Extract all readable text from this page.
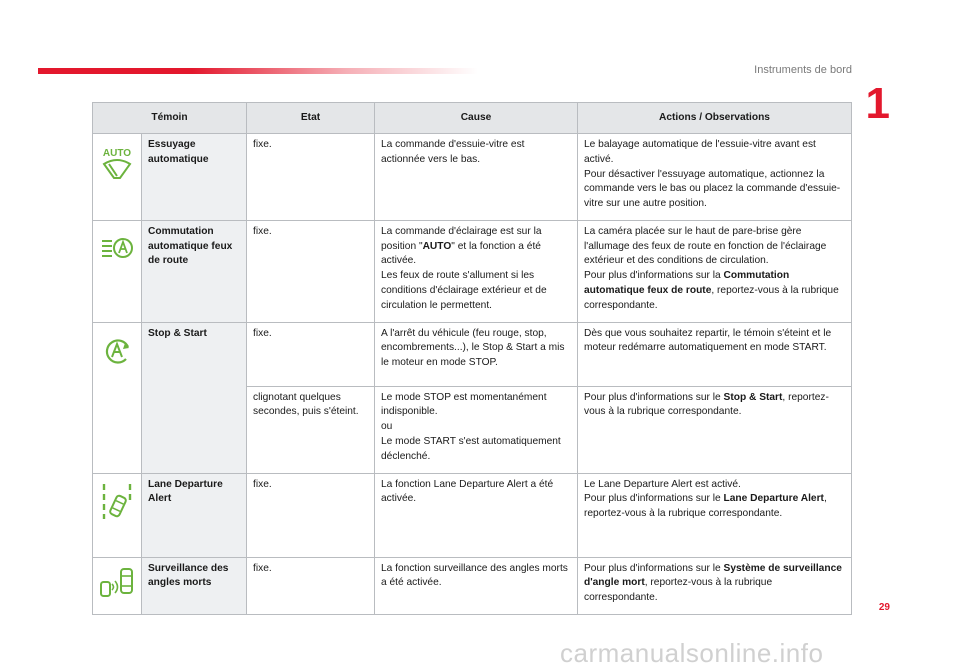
Instruments de bord
1
Témoin		Etat	Cause	Actions / Observations

AUTO	Essuyage automatique	fixe.	La commande d'essuie-vitre est actionnée vers le bas.	Le balayage automatique de l'essuie-vitre avant est activé.
Pour désactiver l'essuyage automatique, actionnez la commande vers le bas ou placez la commande d'essuie-vitre sur une autre position.

	Commutation automatique feux de route	fixe.	La commande d'éclairage est sur la position "AUTO" et la fonction a été activée.
Les feux de route s'allument si les conditions d'éclairage extérieur et de circulation le permettent.	La caméra placée sur le haut de pare-brise gère l'allumage des feux de route en fonction de l'éclairage extérieur et des conditions de circulation.
Pour plus d'informations sur la Commutation automatique feux de route, reportez-vous à la rubrique correspondante.

	Stop & Start	fixe.	A l'arrêt du véhicule (feu rouge, stop, encombrements...), le Stop & Start a mis le moteur en mode STOP.	Dès que vous souhaitez repartir, le témoin s'éteint et le moteur redémarre automatiquement en mode START.
		clignotant quelques secondes, puis s'éteint.	Le mode STOP est momentanément indisponible.
ou
Le mode START s'est automatiquement déclenché.	Pour plus d'informations sur le Stop & Start, reportez-vous à la rubrique correspondante.

	Lane Departure Alert	fixe.	La fonction Lane Departure Alert a été activée.	Le Lane Departure Alert est activé.
Pour plus d'informations sur le Lane Departure Alert, reportez-vous à la rubrique correspondante.

	Surveillance des angles morts	fixe.	La fonction surveillance des angles morts a été activée.	Pour plus d'informations sur le Système de surveillance d'angle mort, reportez-vous à la rubrique correspondante.
29
carmanualsonline.info
